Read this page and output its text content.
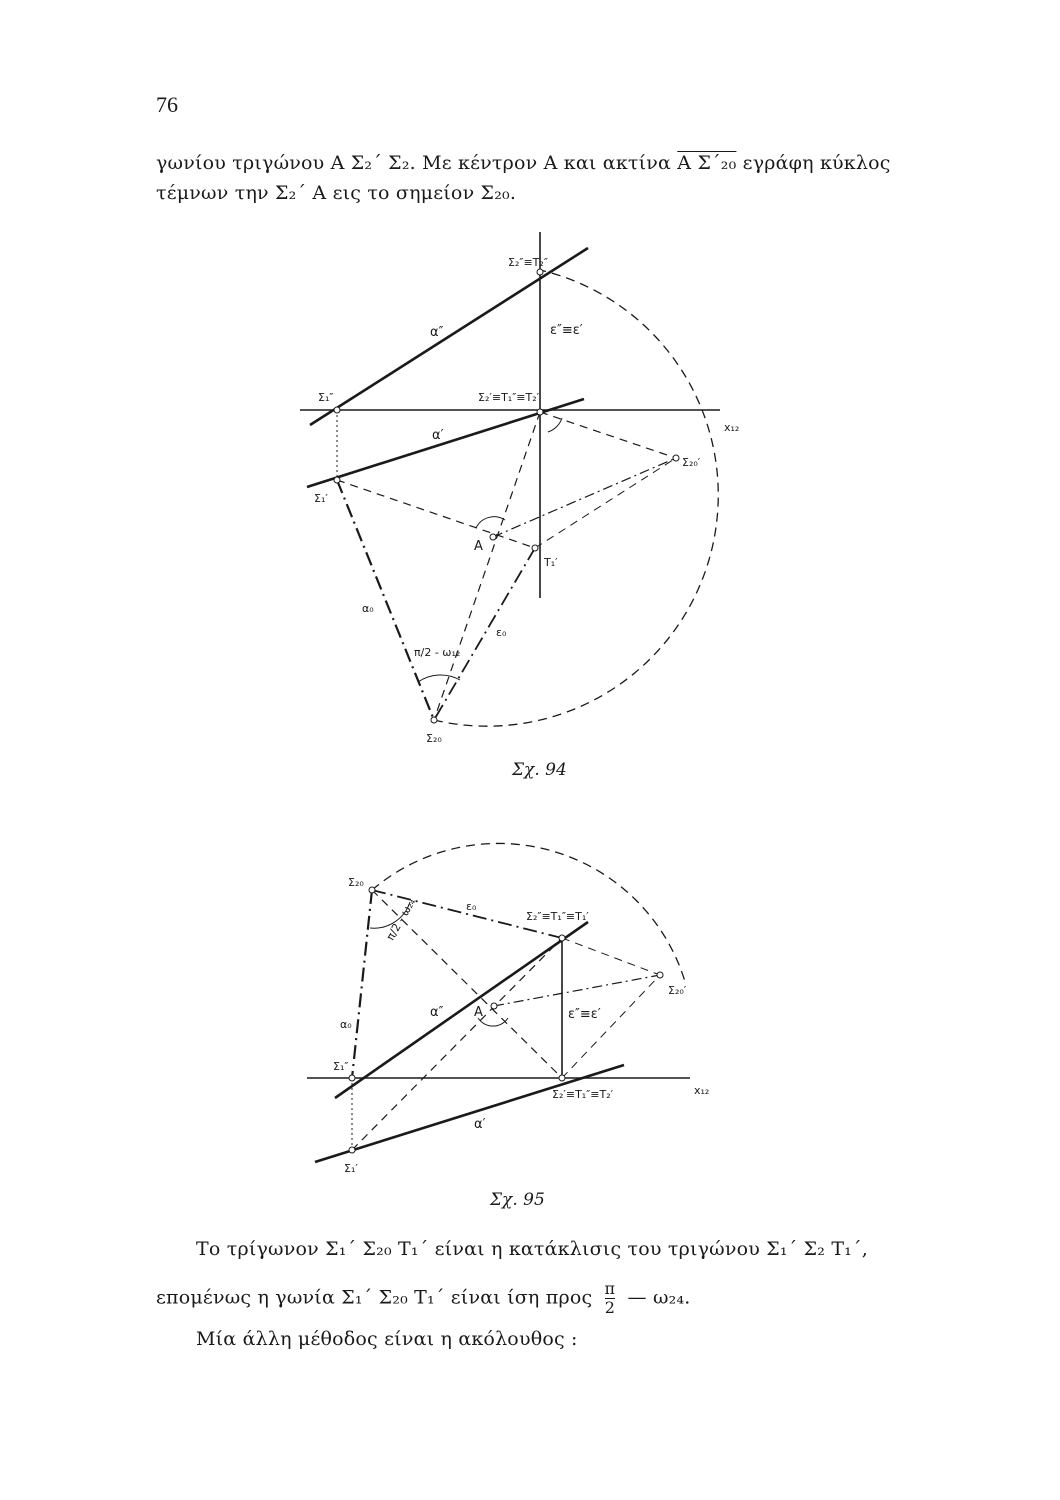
76
γωνίου τριγώνου Α Σ₂΄ Σ₂. Με κέντρον Α και ακτίνα Α Σ΄₂₀ εγράφη κύκλος
τέμνων την Σ₂΄ Α εις το σημείον Σ₂₀.
Σ₂″≡Τ₂″
α″	ε″≡ε′
Σ₁″	Σ₂′≡Τ₁″≡Τ₂′
α′
x₁₂
Σ₂₀′
Σ₁′
Α
Τ₁′
α₀
ε₀
π/2 - ω₁₂
Σ₂₀
Σχ. 94
Σ₂₀
ε₀
π/2 - ω₂₄	Σ₂″≡Τ₁″≡Τ₁′
Σ₂₀′
α₀
α″ Α	ε″≡ε′
Σ₁″
Σ₂′≡Τ₁″≡Τ₂′	x₁₂
α′
Σ₁′
Σχ. 95
Το τρίγωνον Σ₁΄ Σ₂₀ Τ₁΄ είναι η κατάκλισις του τριγώνου Σ₁΄ Σ₂ Τ₁΄,
επομένως η γωνία Σ₁΄ Σ₂₀ Τ₁΄ είναι ίση προς $\frac{\pi}{2}$ — ω₂₄.
Μία άλλη μέθοδος είναι η ακόλουθος :
